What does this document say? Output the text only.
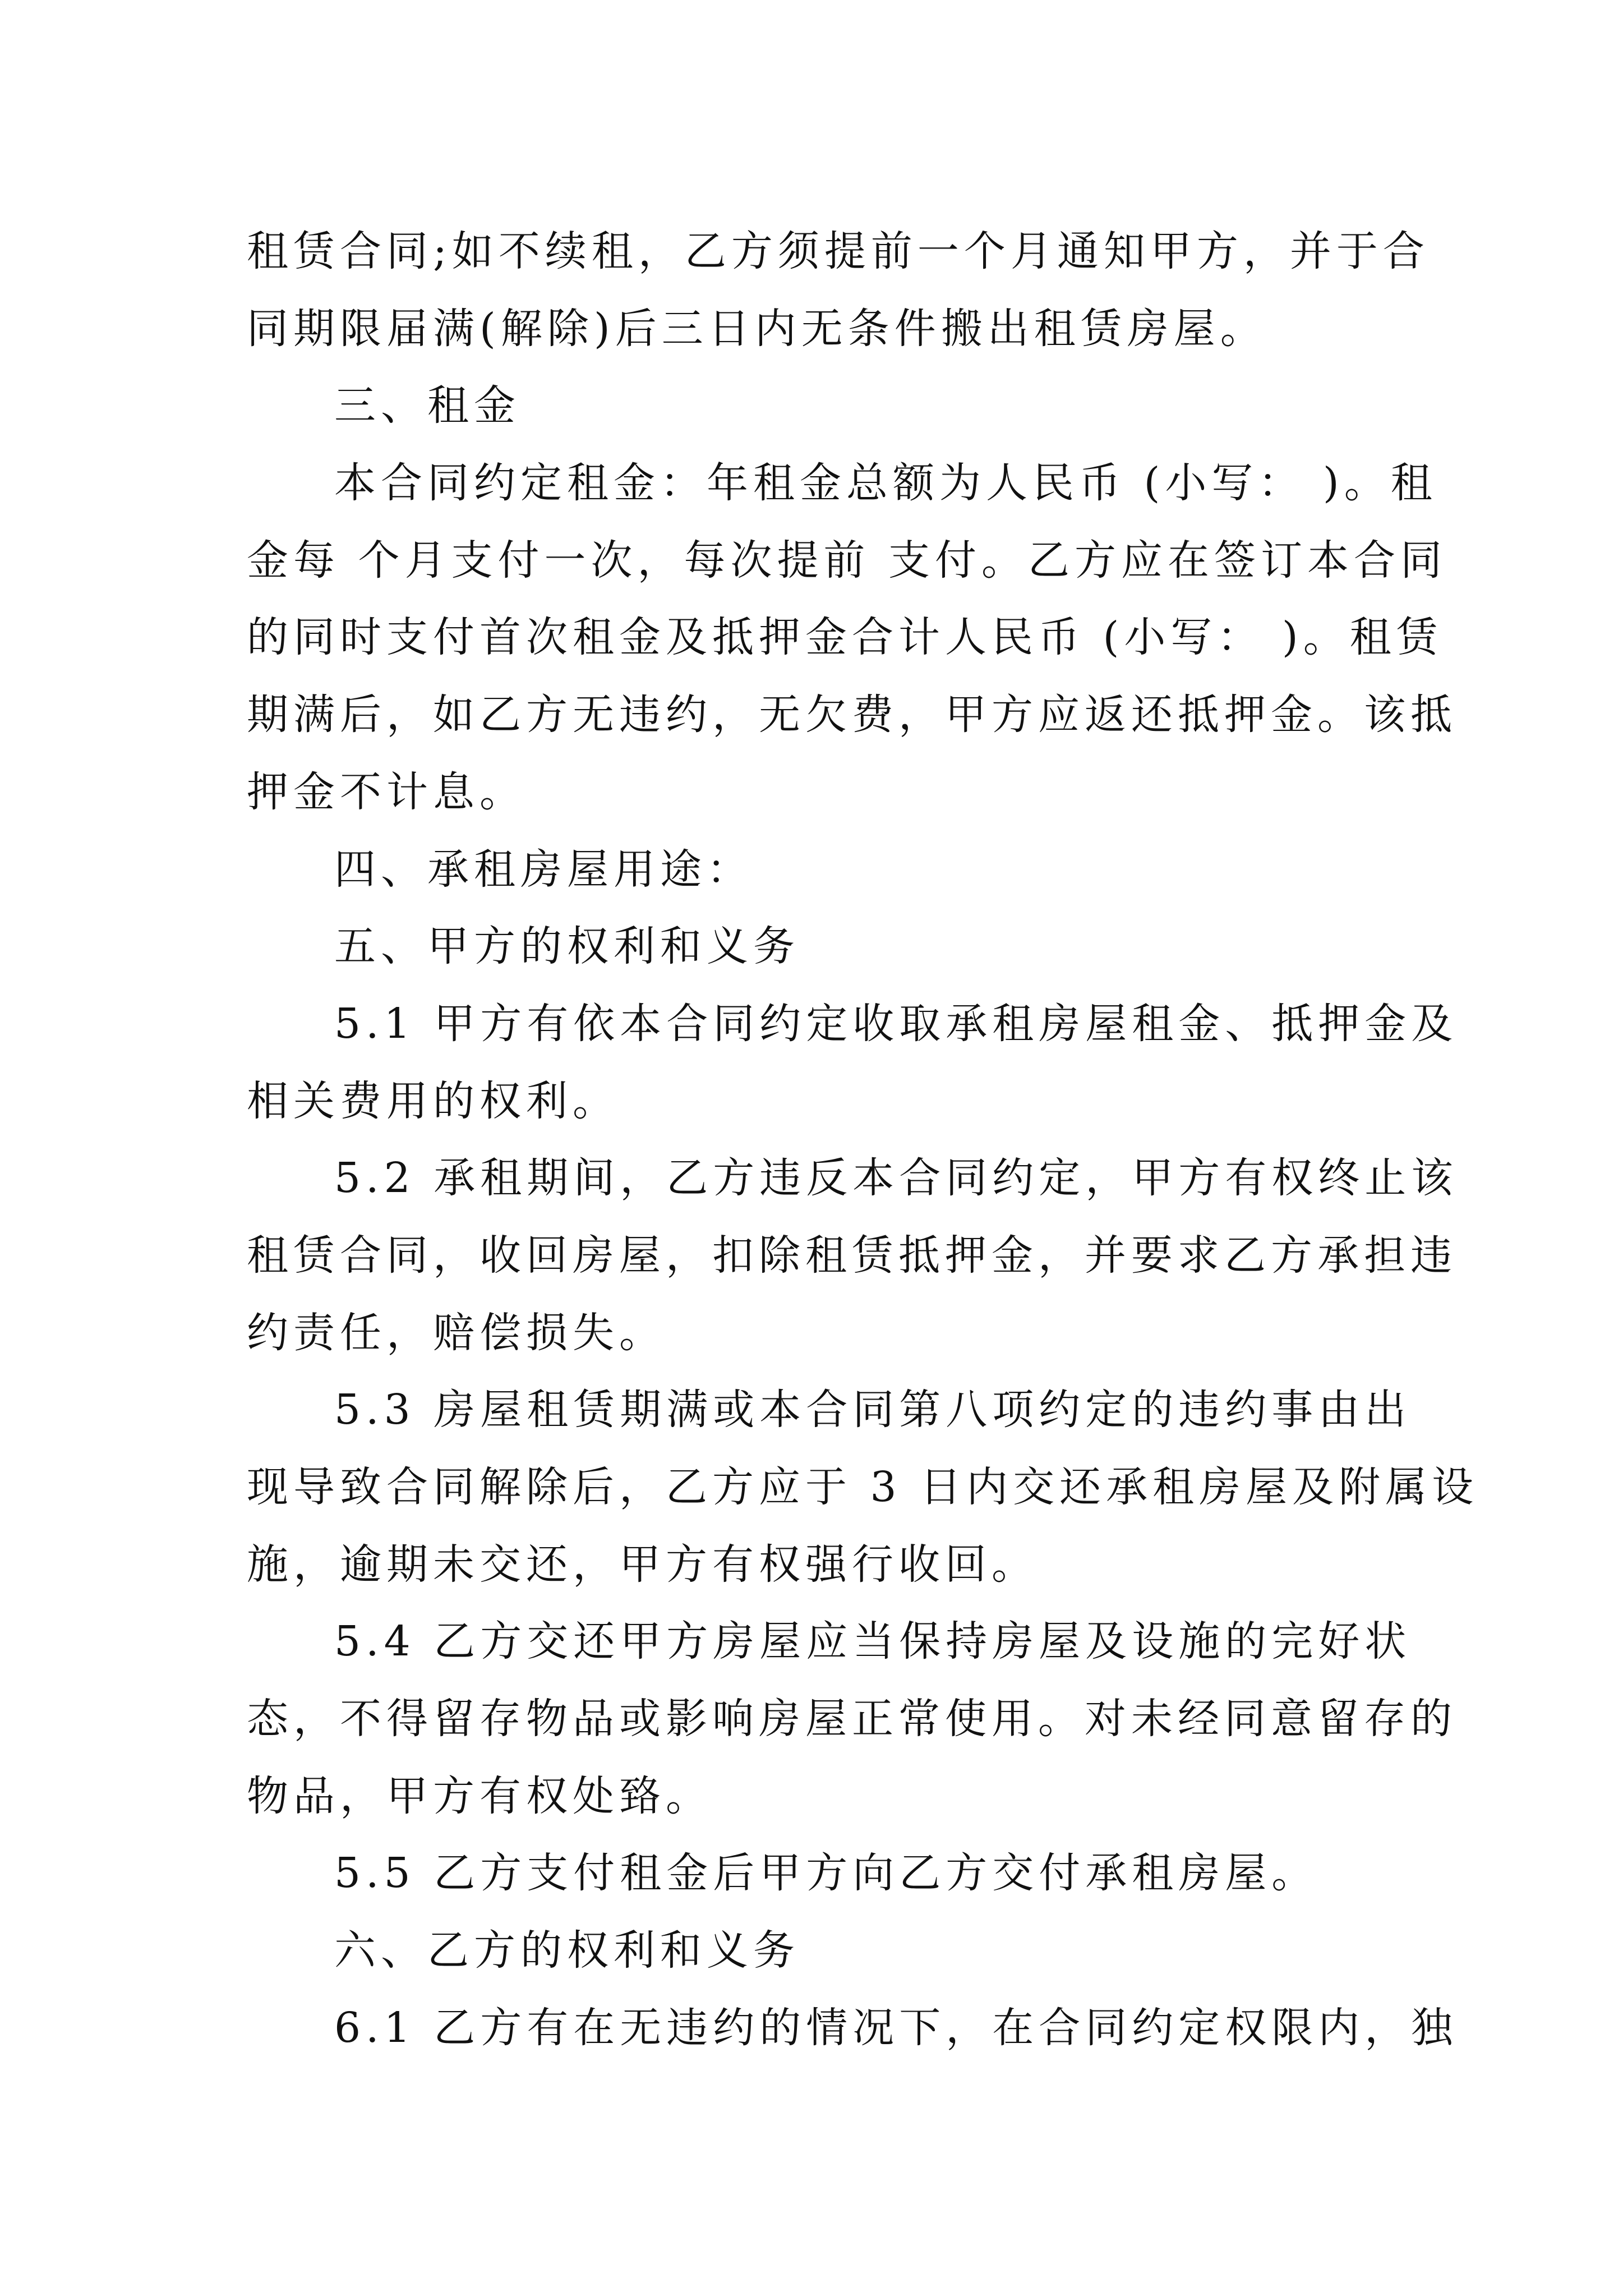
租赁合同;如不续租，乙方须提前一个月通知甲方，并于合
同期限届满(解除)后三日内无条件搬出租赁房屋。
三、租金
本合同约定租金：年租金总额为人民币 (小写： )。租
金每 个月支付一次，每次提前 支付。乙方应在签订本合同
的同时支付首次租金及抵押金合计人民币 (小写： )。租赁
期满后，如乙方无违约，无欠费，甲方应返还抵押金。该抵
押金不计息。
四、承租房屋用途：
五、甲方的权利和义务
5.1 甲方有依本合同约定收取承租房屋租金、抵押金及
相关费用的权利。
5.2 承租期间，乙方违反本合同约定，甲方有权终止该
租赁合同，收回房屋，扣除租赁抵押金，并要求乙方承担违
约责任，赔偿损失。
5.3 房屋租赁期满或本合同第八项约定的违约事由出
现导致合同解除后，乙方应于 3 日内交还承租房屋及附属设
施，逾期未交还，甲方有权强行收回。
5.4 乙方交还甲方房屋应当保持房屋及设施的完好状
态，不得留存物品或影响房屋正常使用。对未经同意留存的
物品，甲方有权处臵。
5.5 乙方支付租金后甲方向乙方交付承租房屋。
六、乙方的权利和义务
6.1 乙方有在无违约的情况下，在合同约定权限内，独
